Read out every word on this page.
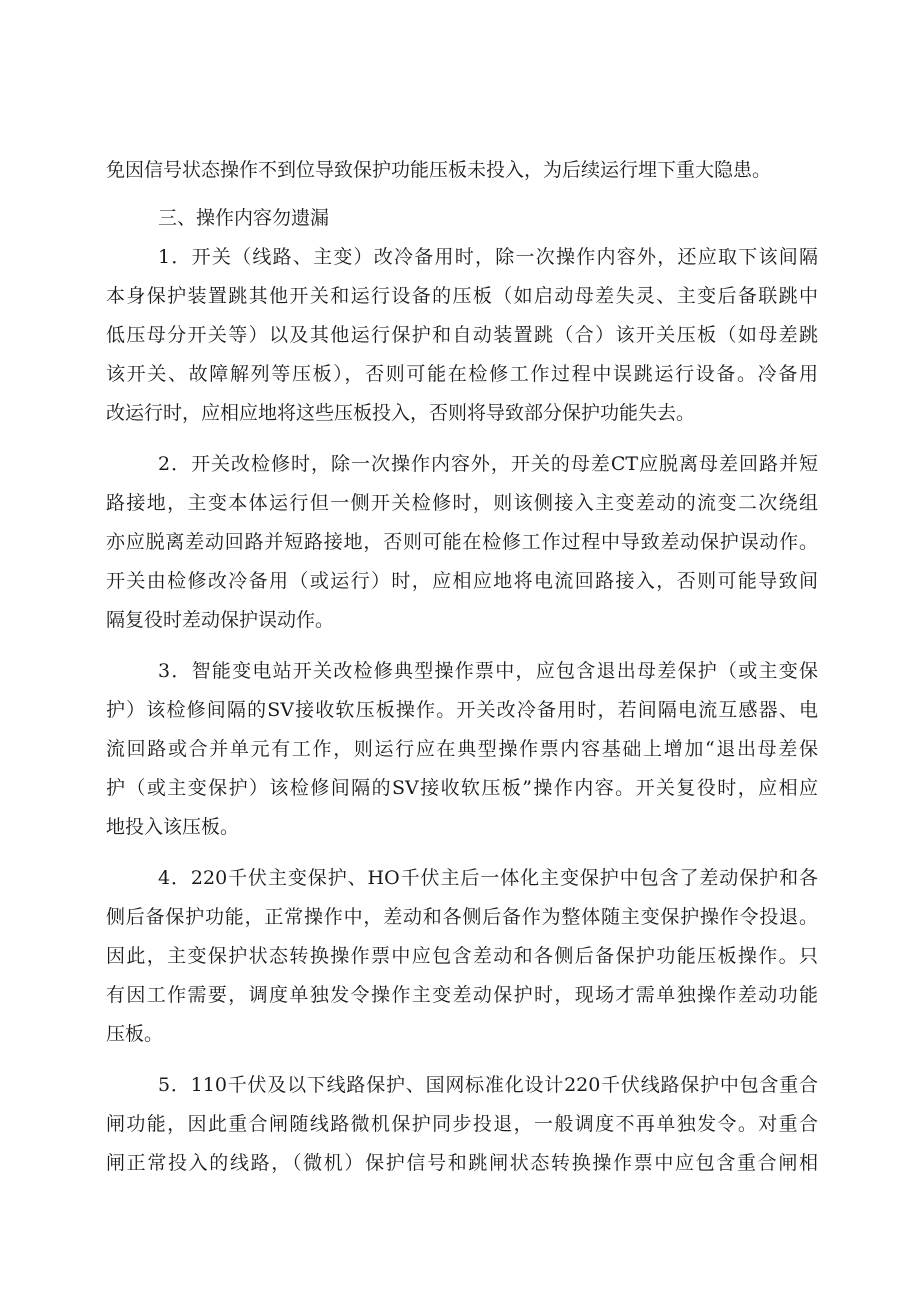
免因信号状态操作不到位导致保护功能压板未投入，为后续运行埋下重大隐患。
三、操作内容勿遗漏
1．开关（线路、主变）改冷备用时，除一次操作内容外，还应取下该间隔
本身保护装置跳其他开关和运行设备的压板（如启动母差失灵、主变后备联跳中
低压母分开关等）以及其他运行保护和自动装置跳（合）该开关压板（如母差跳
该开关、故障解列等压板），否则可能在检修工作过程中误跳运行设备。冷备用
改运行时，应相应地将这些压板投入，否则将导致部分保护功能失去。
2．开关改检修时，除一次操作内容外，开关的母差CT应脱离母差回路并短
路接地，主变本体运行但一侧开关检修时，则该侧接入主变差动的流变二次绕组
亦应脱离差动回路并短路接地，否则可能在检修工作过程中导致差动保护误动作。
开关由检修改冷备用（或运行）时，应相应地将电流回路接入，否则可能导致间
隔复役时差动保护误动作。
3．智能变电站开关改检修典型操作票中，应包含退出母差保护（或主变保
护）该检修间隔的SV接收软压板操作。开关改冷备用时，若间隔电流互感器、电
流回路或合并单元有工作，则运行应在典型操作票内容基础上增加“退出母差保
护（或主变保护）该检修间隔的SV接收软压板”操作内容。开关复役时，应相应
地投入该压板。
4．220千伏主变保护、HO千伏主后一体化主变保护中包含了差动保护和各
侧后备保护功能，正常操作中，差动和各侧后备作为整体随主变保护操作令投退。
因此，主变保护状态转换操作票中应包含差动和各侧后备保护功能压板操作。只
有因工作需要，调度单独发令操作主变差动保护时，现场才需单独操作差动功能
压板。
5．110千伏及以下线路保护、国网标准化设计220千伏线路保护中包含重合
闸功能，因此重合闸随线路微机保护同步投退，一般调度不再单独发令。对重合
闸正常投入的线路，（微机）保护信号和跳闸状态转换操作票中应包含重合闸相
